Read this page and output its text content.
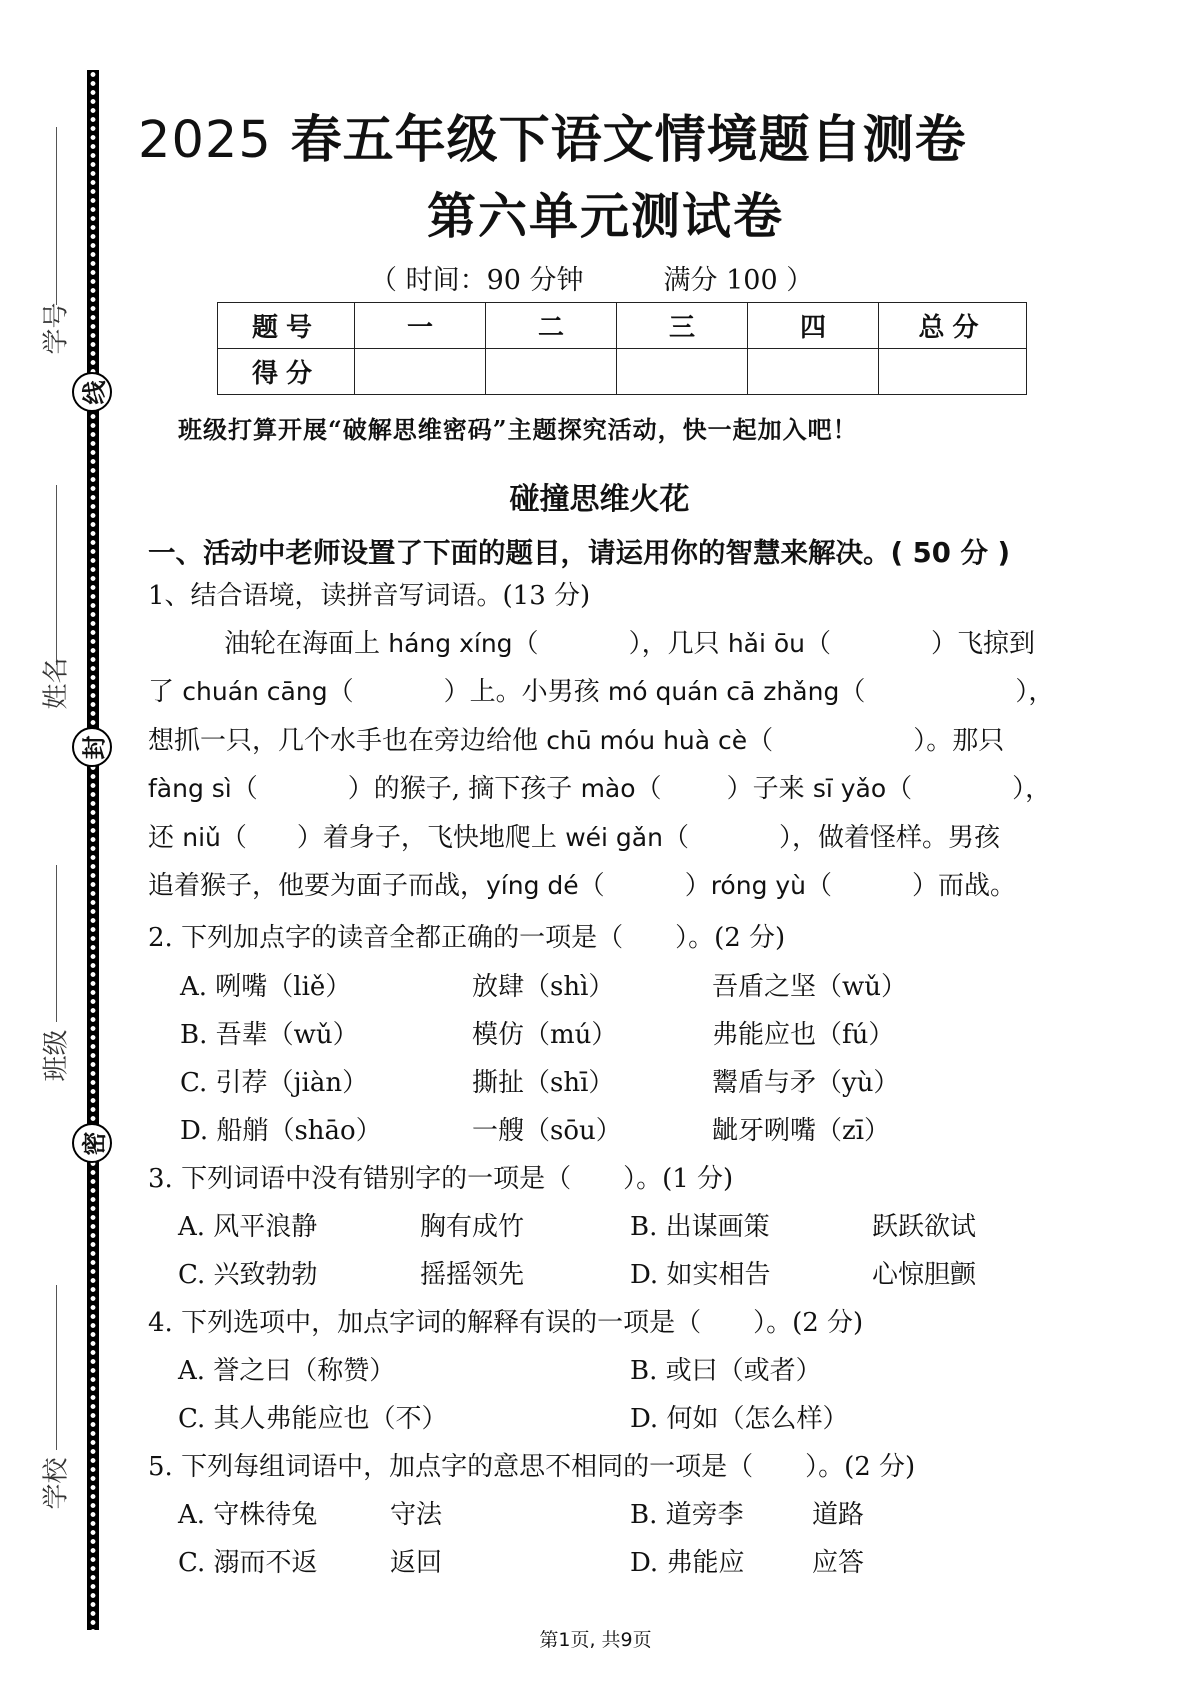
线
封
密
学号
姓名
班级
学校
2025 春五年级下语文情境题自测卷
第六单元测试卷
（ 时间：90 分钟	满分 100 ）
题号	一	二	三	四	总分
得分					
班级打算开展“破解思维密码”主题探究活动，快一起加入吧！
碰撞思维火花
一、活动中老师设置了下面的题目，请运用你的智慧来解决。( 50 分 )
1、结合语境，读拼音写词语。(13 分)
油轮在海面上 háng xíng（	），几只 hǎi ōu（	）飞掠到
了 chuán cāng（	）上。小男孩 mó quán cā zhǎng（	），
想抓一只，几个水手也在旁边给他 chū móu huà cè（	）。那只
fàng sì（	）的猴子, 摘下孩子 mào（	）子来 sī yǎo（	），
还 niǔ（ ）着身子，飞快地爬上 wéi gǎn（	），做着怪样。男孩
追着猴子，他要为面子而战，yíng dé（	）róng yù（	）而战。
2. 下列加点字的读音全都正确的一项是（　　）。(2 分)
A. 咧嘴（liě）	放肆（shì）	吾盾之坚（wǔ）
B. 吾辈（wǔ）	模仿（mú）	弗能应也（fú）
C. 引荐（jiàn）	撕扯（shī）	鬻盾与矛（yù）
D. 船艄（shāo）	一艘（sōu）	龇牙咧嘴（zī）
3. 下列词语中没有错别字的一项是（　　）。(1 分)
A. 风平浪静	胸有成竹	B. 出谋画策	跃跃欲试
C. 兴致勃勃	摇摇领先	D. 如实相告	心惊胆颤
4. 下列选项中，加点字词的解释有误的一项是（　　）。(2 分)
A. 誉之曰（称赞）	B. 或曰（或者）
C. 其人弗能应也（不）	D. 何如（怎么样）
5. 下列每组词语中，加点字的意思不相同的一项是（　　）。(2 分)
A. 守株待兔	守法	B. 道旁李	道路
C. 溺而不返	返回	D. 弗能应	应答
第1页, 共9页
